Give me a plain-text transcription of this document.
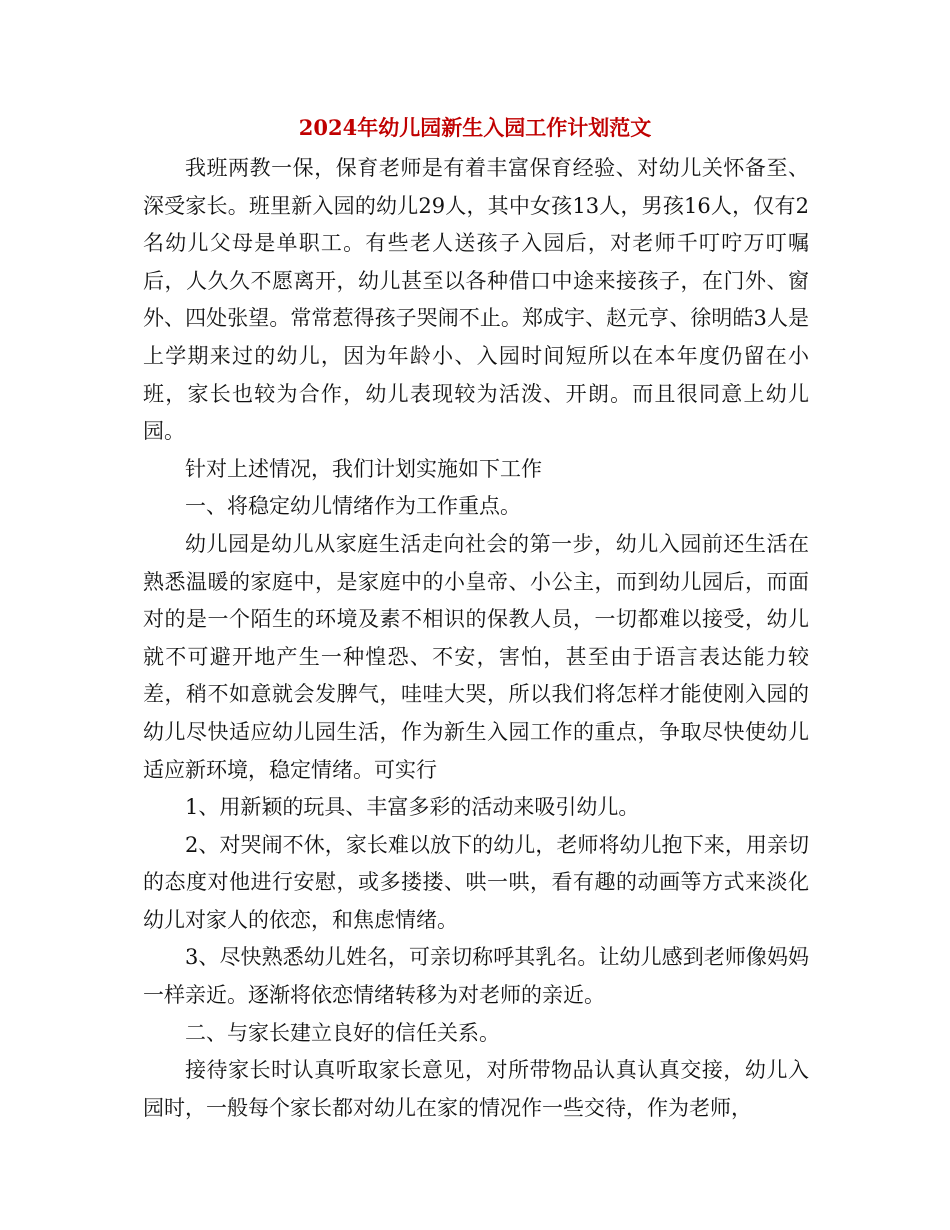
2024年幼儿园新生入园工作计划范文

我班两教一保，保育老师是有着丰富保育经验、对幼儿关怀备至、深受家长。班里新入园的幼儿29人，其中女孩13人，男孩16人，仅有2名幼儿父母是单职工。有些老人送孩子入园后，对老师千叮咛万叮嘱后，人久久不愿离开，幼儿甚至以各种借口中途来接孩子，在门外、窗外、四处张望。常常惹得孩子哭闹不止。郑成宇、赵元亨、徐明皓3人是上学期来过的幼儿，因为年龄小、入园时间短所以在本年度仍留在小班，家长也较为合作，幼儿表现较为活泼、开朗。而且很同意上幼儿园。

针对上述情况，我们计划实施如下工作

一、将稳定幼儿情绪作为工作重点。

幼儿园是幼儿从家庭生活走向社会的第一步，幼儿入园前还生活在熟悉温暖的家庭中，是家庭中的小皇帝、小公主，而到幼儿园后，而面对的是一个陌生的环境及素不相识的保教人员，一切都难以接受，幼儿就不可避开地产生一种惶恐、不安，害怕，甚至由于语言表达能力较差，稍不如意就会发脾气，哇哇大哭，所以我们将怎样才能使刚入园的幼儿尽快适应幼儿园生活，作为新生入园工作的重点，争取尽快使幼儿适应新环境，稳定情绪。可实行

1、用新颖的玩具、丰富多彩的活动来吸引幼儿。

2、对哭闹不休，家长难以放下的幼儿，老师将幼儿抱下来，用亲切的态度对他进行安慰，或多搂搂、哄一哄，看有趣的动画等方式来淡化幼儿对家人的依恋，和焦虑情绪。

3、尽快熟悉幼儿姓名，可亲切称呼其乳名。让幼儿感到老师像妈妈一样亲近。逐渐将依恋情绪转移为对老师的亲近。

二、与家长建立良好的信任关系。

接待家长时认真听取家长意见，对所带物品认真认真交接，幼儿入园时，一般每个家长都对幼儿在家的情况作一些交待，作为老师，
